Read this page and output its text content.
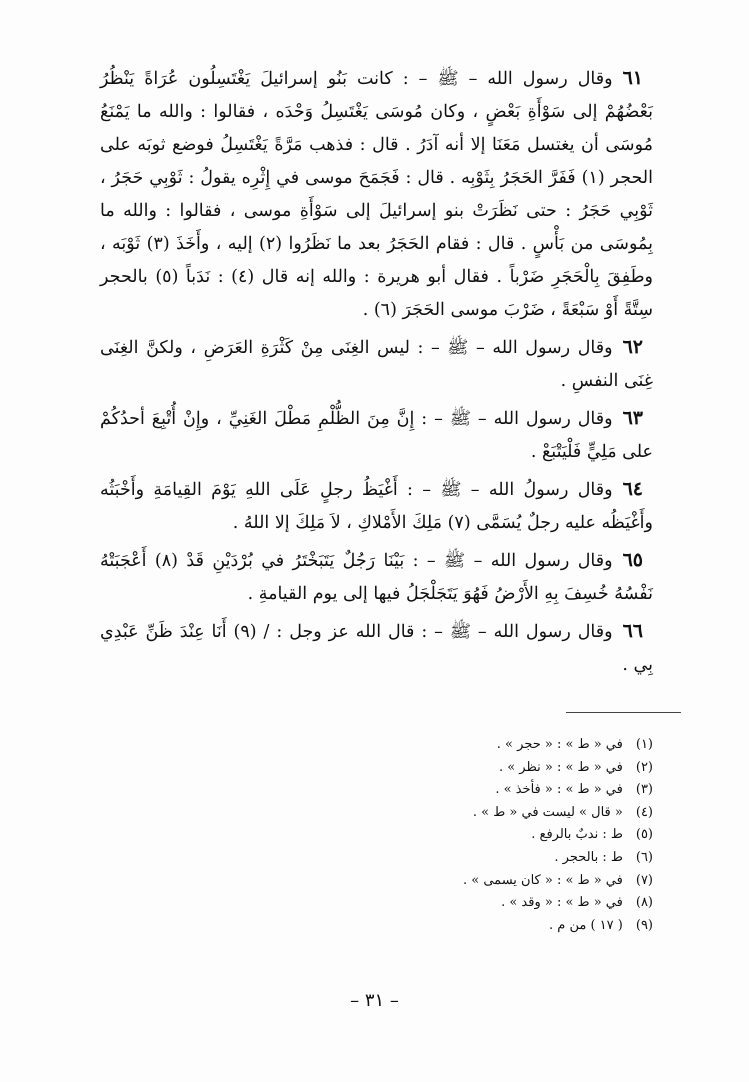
٦١وقال رسول الله – ﷺ – : كانت بَنُو إسرائيلَ يَغْتَسِلُون عُرَاةً يَنْظُرُ بَعْضُهُمْ إلى سَوْأَةِ بَعْضٍ ، وكان مُوسَى يَغْتَسِلُ وَحْدَه ، فقالوا : والله ما يَمْنَعُ مُوسَى أن يغتسل مَعَنَا إلا أنه آدَرُ . قال : فذهب مَرَّةً يَغْتَسِلُ فوضع ثوبَه على الحجر (١) فَفَرَّ الحَجَرُ بِثَوْبِه . قال : فَجَمَحَ موسى في إِثْرِه يقولُ : ثَوْبِي حَجَرُ ، ثَوْبِي حَجَرُ : حتى نَظَرَتْ بنو إسرائيلَ إلى سَوْأَةِ موسى ، فقالوا : والله ما بِمُوسَى من بَأْسٍ . قال : فقام الحَجَرُ بعد ما نَظَرُوا (٢) إليه ، وأَخَذَ (٣) ثَوْبَه ، وطَفِقَ بِالْحَجَرِ ضَرْباً . فقال أبو هريرة : والله إنه قال (٤) : نَدَباً (٥) بالحجر سِتَّةً أَوْ سَبْعَةً ، ضَرْبَ موسى الحَجَرَ (٦) .

٦٢وقال رسول الله – ﷺ – : ليس الغِنَى مِنْ كَثْرَةِ العَرَضِ ، ولكنَّ الغِنَى غِنَى النفسِ .

٦٣وقال رسول الله – ﷺ – : إِنَّ مِنَ الظُّلْمِ مَطْلَ الغَنِيِّ ، وإِنْ أُتْبِعَ أحدُكُمْ على مَلِيٍّ فَلْيَتْبَعْ .

٦٤وقال رسولُ الله – ﷺ – : أَغْيَظُ رجلٍ عَلَى اللهِ يَوْمَ القِيامَةِ وأَخْبَثُه وأَغْيَظُه عليه رجلٌ يُسَمَّى (٧) مَلِكَ الأَمْلاكِ ، لاَ مَلِكَ إلا اللهُ .

٦٥وقال رسول الله – ﷺ – : بَيْنَا رَجُلٌ يَتَبَخْتَرُ في بُرْدَيْنِ قَدْ (٨) أَعْجَبَتْهُ نَفْسُهُ خُسِفَ بِهِ الأَرْضُ فَهُوَ يَتَجَلْجَلُ فيها إلى يوم القيامةِ .

٦٦وقال رسول الله – ﷺ – : قال الله عز وجل : / (٩) أَنَا عِنْدَ ظَنِّ عَبْدِي بِي .

(١) في « ط » : « حجر » .
(٢) في « ط » : « نظر » .
(٣) في « ط » : « فأخذ » .
(٤) « قال » ليست في « ط » .
(٥) ط : ندبٌ بالرفع .
(٦) ط : بالحجر .
(٧) في « ط » : « كان يسمى » .
(٨) في « ط » : « وقد » .
(٩) ( ١٧ ) من م .
– ٣١ –
